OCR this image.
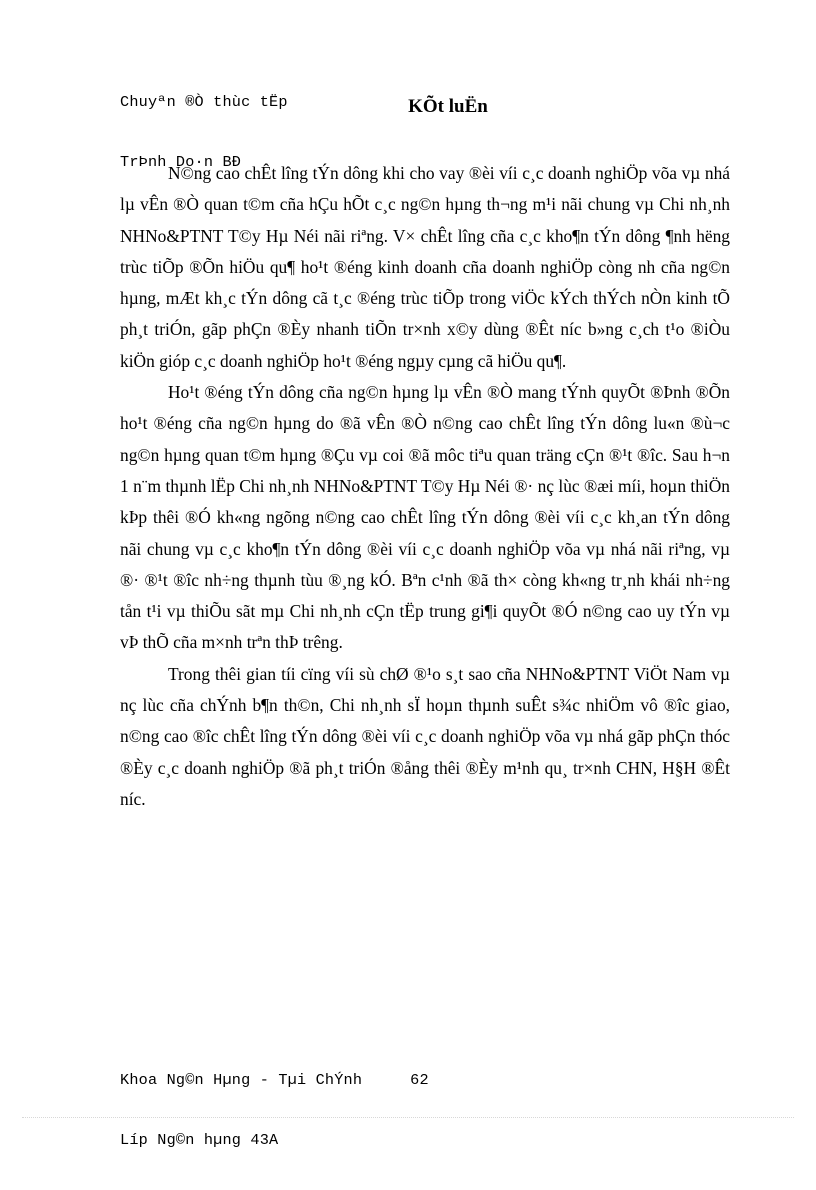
Chuyªn ®Ò thùc tËp

TrÞnh Do·n BÐ

KÕt luËn

N©ng cao chÊt lîng tÝn dông khi cho vay ®èi víi c¸c doanh nghiÖp võa vµ nhá lµ vÊn ®Ò quan t©m cña hÇu hÕt c¸c ng©n hµng th¬ng m¹i nãi chung vµ Chi nh¸nh NHNo&PTNT T©y Hµ Néi nãi riªng. V× chÊt lîng cña c¸c kho¶n tÝn dông ¶nh hëng trùc tiÕp ®Õn hiÖu qu¶ ho¹t ®éng kinh doanh cña doanh nghiÖp còng nh cña ng©n hµng, mÆt kh¸c tÝn dông cã t¸c ®éng trùc tiÕp trong viÖc kÝch thÝch nÒn kinh tÕ ph¸t triÓn, gãp phÇn ®Èy nhanh tiÕn tr×nh x©y dùng ®Êt níc b»ng c¸ch t¹o ®iÒu kiÖn gióp c¸c doanh nghiÖp ho¹t ®éng ngµy cµng cã hiÖu qu¶.

Ho¹t ®éng tÝn dông cña ng©n hµng lµ vÊn ®Ò mang tÝnh quyÕt ®Þnh ®Õn ho¹t ®éng cña ng©n hµng do ®ã vÊn ®Ò n©ng cao chÊt lîng tÝn dông lu«n ®ù¬c ng©n hµng quan t©m hµng ®Çu vµ coi ®ã môc tiªu quan träng cÇn ®¹t ®îc. Sau h¬n 1 n¨m thµnh lËp Chi nh¸nh NHNo&PTNT T©y Hµ Néi ®· nç lùc ®æi míi, hoµn thiÖn kÞp thêi ®Ó kh«ng ngõng n©ng cao chÊt lîng tÝn dông ®èi víi c¸c kh¸an tÝn dông nãi chung vµ c¸c kho¶n tÝn dông ®èi víi c¸c doanh nghiÖp võa vµ nhá nãi riªng, vµ ®· ®¹t ®îc nh÷ng thµnh tùu ®¸ng kÓ. Bªn c¹nh ®ã th× còng kh«ng tr¸nh khái nh÷ng tån t¹i vµ thiÕu sãt mµ Chi nh¸nh cÇn tËp trung gi¶i quyÕt ®Ó n©ng cao uy tÝn vµ vÞ thÕ cña m×nh trªn thÞ trêng.

Trong thêi gian tíi cïng víi sù chØ ®¹o s¸t sao cña NHNo&PTNT ViÖt Nam vµ nç lùc cña chÝnh b¶n th©n, Chi nh¸nh sÏ hoµn thµnh suÊt s¾c nhiÖm vô ®îc giao, n©ng cao ®îc chÊt lîng tÝn dông ®èi víi c¸c doanh nghiÖp võa vµ nhá gãp phÇn thóc ®Èy c¸c doanh nghiÖp ®ã ph¸t triÓn ®ång thêi ®Èy m¹nh qu¸ tr×nh CHN, H§H ®Êt níc.

Khoa Ng©n Hµng - Tµi ChÝnh	62

Líp Ng©n hµng 43A
